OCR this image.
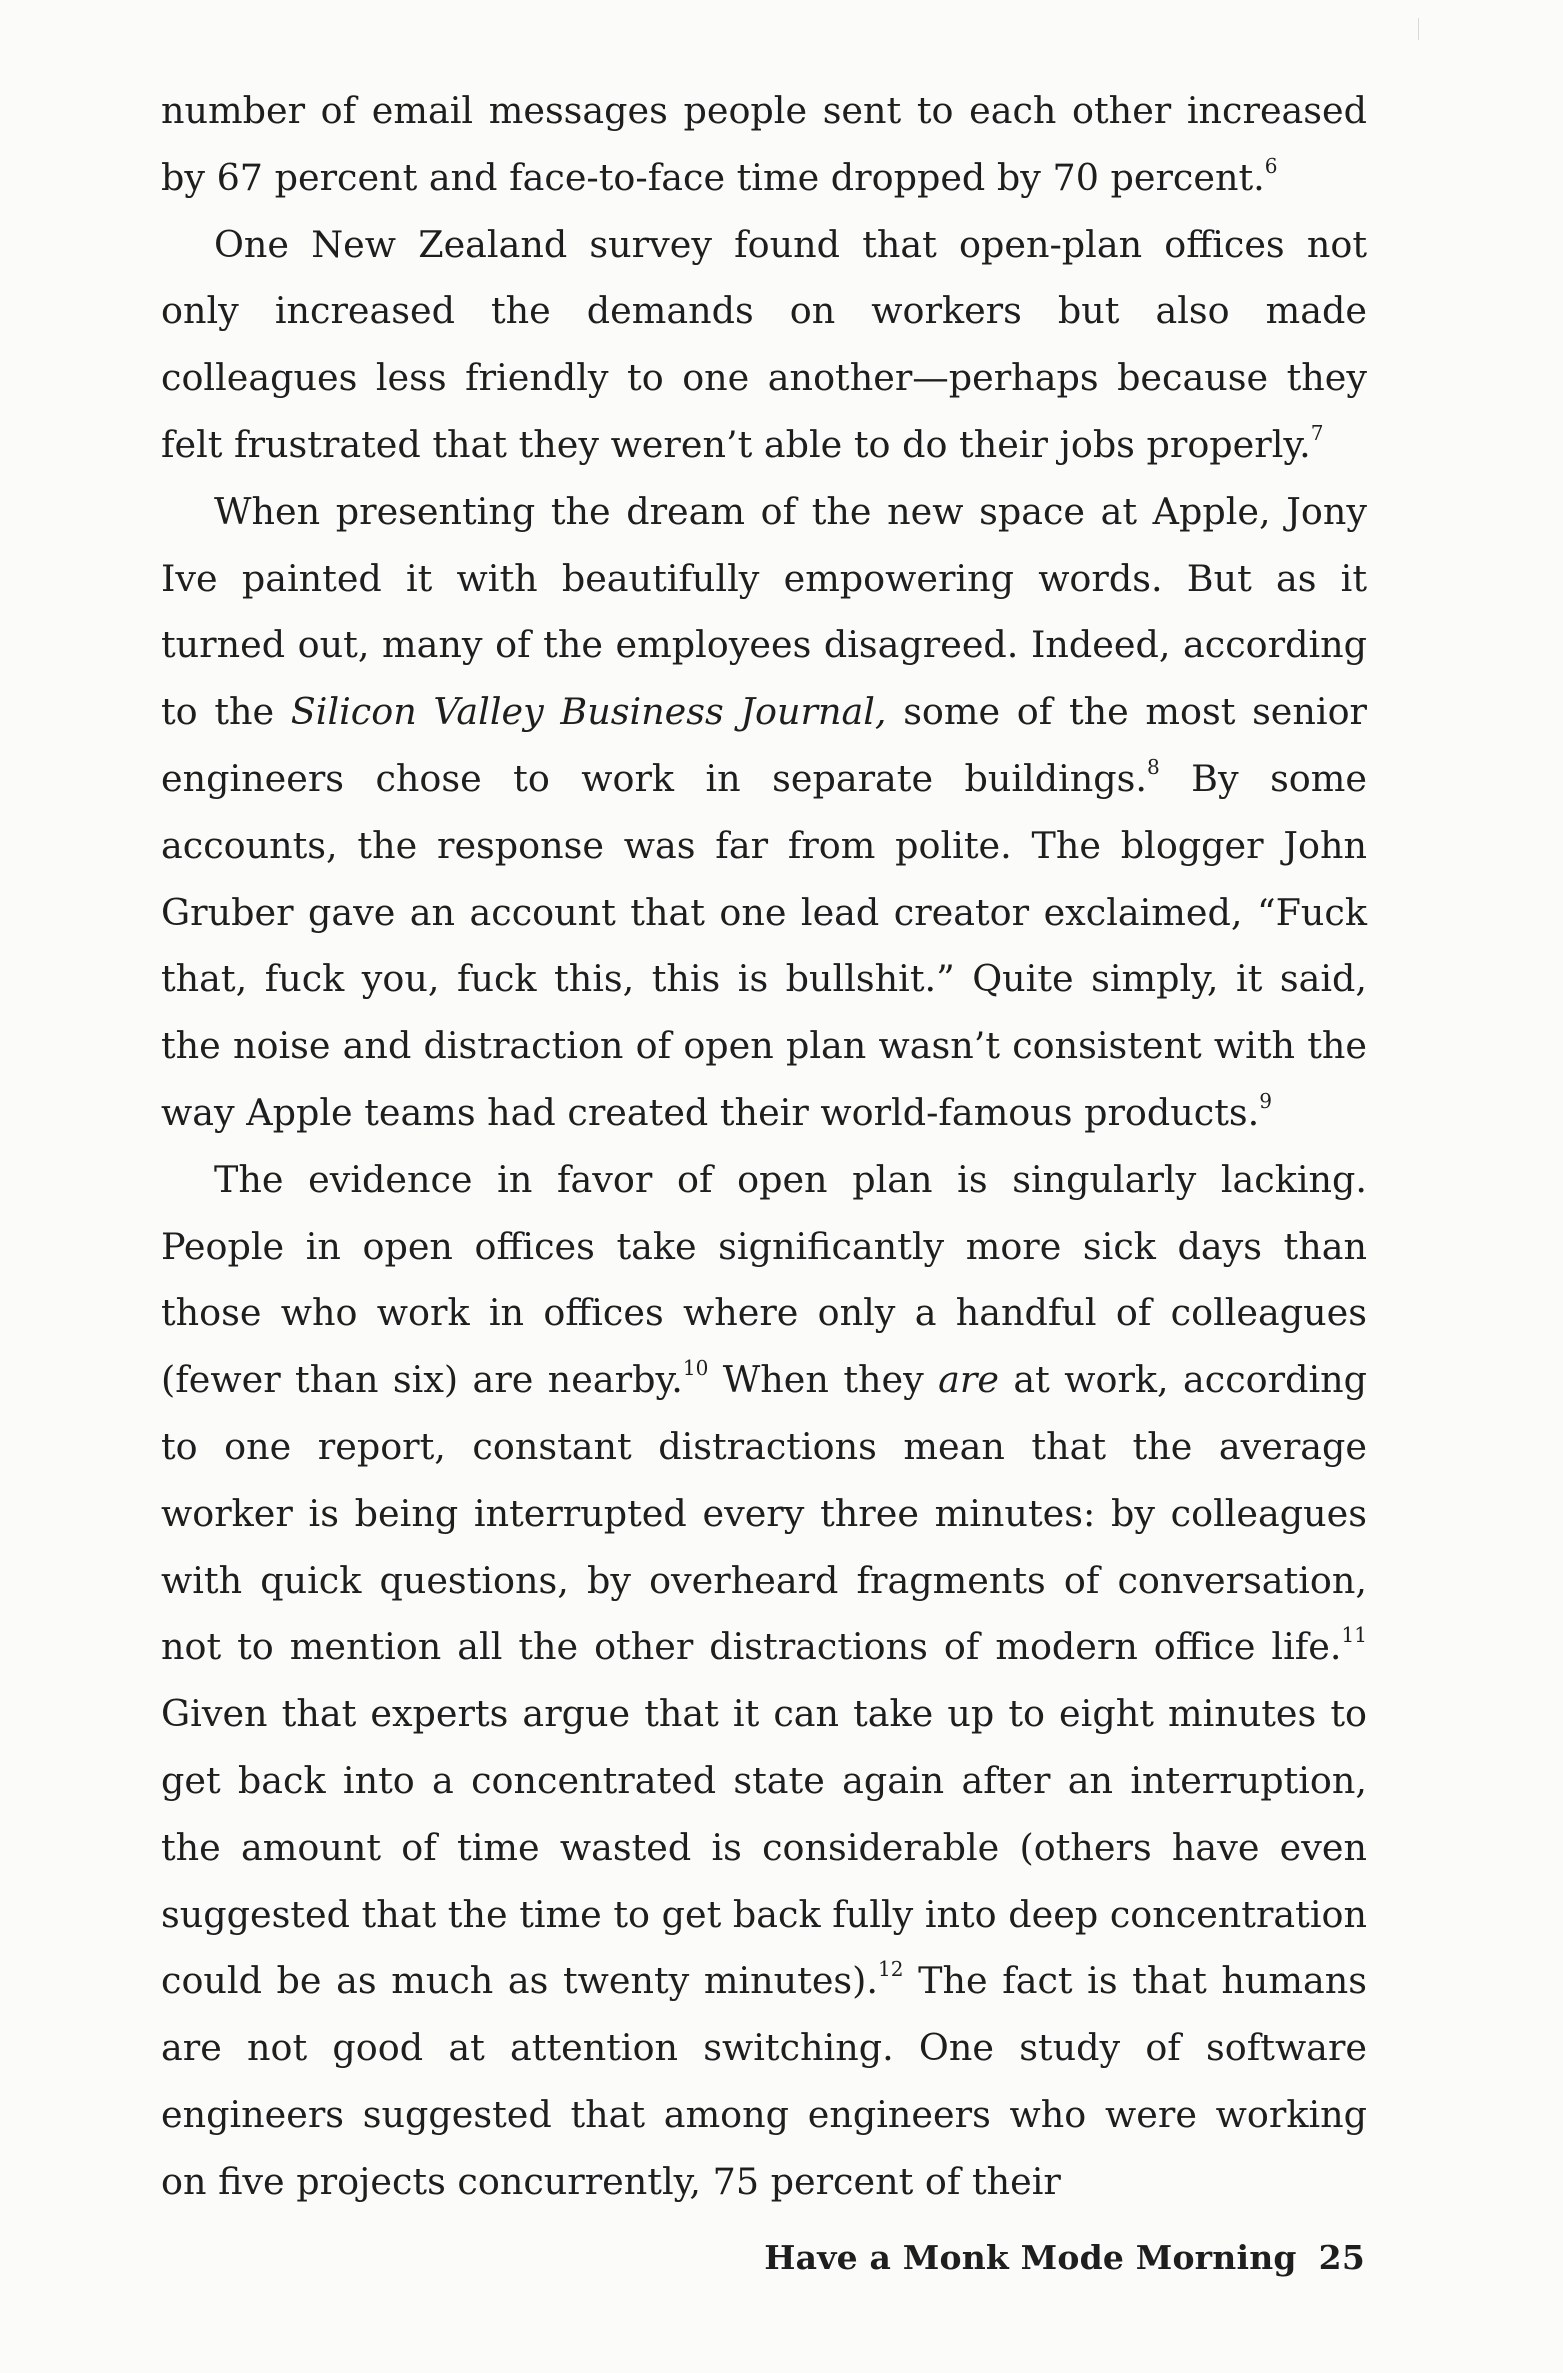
number of email messages people sent to each other increased by 67 percent and face-to-face time dropped by 70 percent.$^6$

One New Zealand survey found that open-plan offices not only increased the demands on workers but also made colleagues less friendly to one another—perhaps because they felt frustrated that they weren’t able to do their jobs properly.$^7$

When presenting the dream of the new space at Apple, Jony Ive painted it with beautifully empowering words. But as it turned out, many of the employees disagreed. Indeed, according to the Silicon Valley Business Journal, some of the most senior engineers chose to work in separate buildings.$^8$ By some accounts, the response was far from polite. The blogger John Gruber gave an account that one lead creator exclaimed, “Fuck that, fuck you, fuck this, this is bullshit.” Quite simply, it said, the noise and distraction of open plan wasn’t consistent with the way Apple teams had created their world-famous products.$^9$

The evidence in favor of open plan is singularly lacking. People in open offices take significantly more sick days than those who work in offices where only a handful of colleagues (fewer than six) are nearby.$^{10}$ When they are at work, according to one report, constant distractions mean that the average worker is being interrupted every three minutes: by colleagues with quick questions, by overheard fragments of conversation, not to mention all the other distractions of modern office life.$^{11}$ Given that experts argue that it can take up to eight minutes to get back into a concentrated state again after an interruption, the amount of time wasted is considerable (others have even suggested that the time to get back fully into deep concentration could be as much as twenty minutes).$^{12}$ The fact is that humans are not good at attention switching. One study of software engineers suggested that among engineers who were working on five projects concurrently, 75 percent of their

Have a Monk Mode Morning 25
